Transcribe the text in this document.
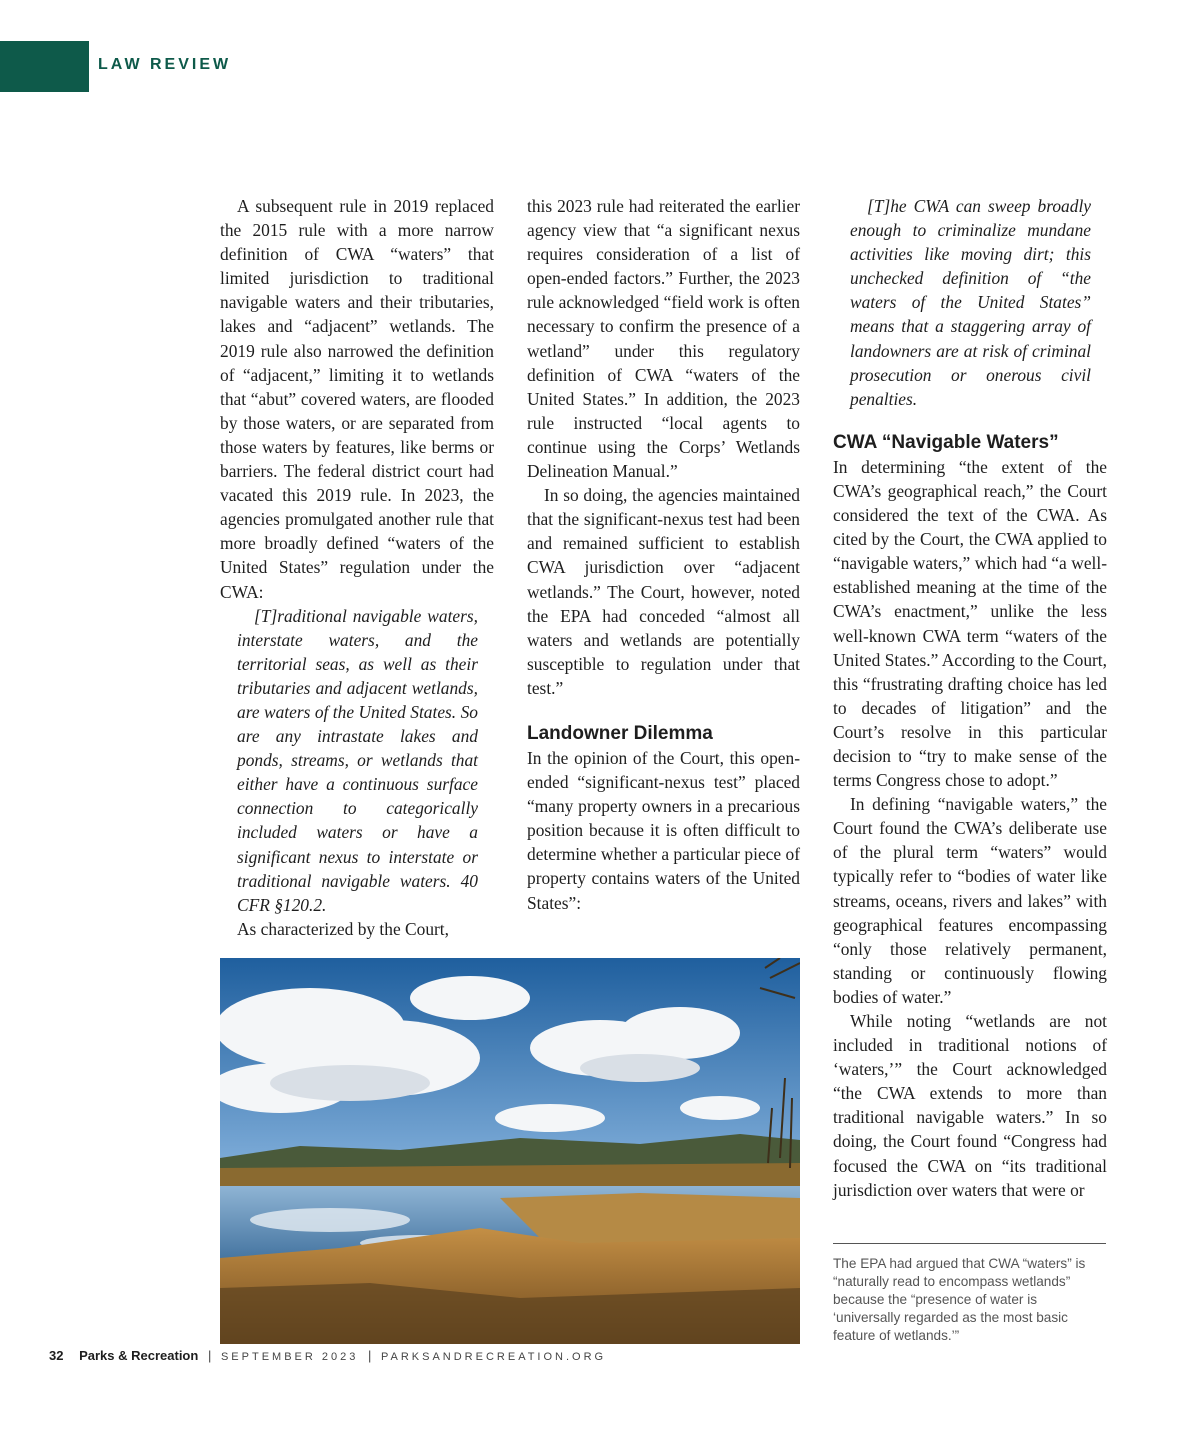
LAW REVIEW

A subsequent rule in 2019 replaced the 2015 rule with a more narrow definition of CWA “waters” that limited jurisdiction to traditional navigable waters and their tributaries, lakes and “adjacent” wetlands. The 2019 rule also narrowed the definition of “adjacent,” limiting it to wetlands that “abut” covered waters, are flooded by those waters, or are separated from those waters by features, like berms or barriers. The federal district court had vacated this 2019 rule. In 2023, the agencies promulgated another rule that more broadly defined “waters of the United States” regulation under the CWA:

[T]raditional navigable waters, interstate waters, and the territorial seas, as well as their tributaries and adjacent wetlands, are waters of the United States. So are any intrastate lakes and ponds, streams, or wetlands that either have a continuous surface connection to categorically included waters or have a significant nexus to interstate or traditional navigable waters. 40 CFR §120.2.

As characterized by the Court,

this 2023 rule had reiterated the earlier agency view that “a significant nexus requires consideration of a list of open-ended factors.” Further, the 2023 rule acknowledged “field work is often necessary to confirm the presence of a wetland” under this regulatory definition of CWA “waters of the United States.” In addition, the 2023 rule instructed “local agents to continue using the Corps’ Wetlands Delineation Manual.”

In so doing, the agencies maintained that the significant-nexus test had been and remained sufficient to establish CWA jurisdiction over “adjacent wetlands.” The Court, however, noted the EPA had conceded “almost all waters and wetlands are potentially susceptible to regulation under that test.”

Landowner Dilemma

In the opinion of the Court, this open-ended “significant-nexus test” placed “many property owners in a precarious position because it is often difficult to determine whether a particular piece of property contains waters of the United States”:

[T]he CWA can sweep broadly enough to criminalize mundane activities like moving dirt; this unchecked definition of “the waters of the United States” means that a staggering array of landowners are at risk of criminal prosecution or onerous civil penalties.

CWA “Navigable Waters”

In determining “the extent of the CWA’s geographical reach,” the Court considered the text of the CWA. As cited by the Court, the CWA applied to “navigable waters,” which had “a well-established meaning at the time of the CWA’s enactment,” unlike the less well-known CWA term “waters of the United States.” According to the Court, this “frustrating drafting choice has led to decades of litigation” and the Court’s resolve in this particular decision to “try to make sense of the terms Congress chose to adopt.”

In defining “navigable waters,” the Court found the CWA’s deliberate use of the plural term “waters” would typically refer to “bodies of water like streams, oceans, rivers and lakes” with geographical features encompassing “only those relatively permanent, standing or continuously flowing bodies of water.”

While noting “wetlands are not included in traditional notions of ‘waters,’” the Court acknowledged “the CWA extends to more than traditional navigable waters.” In so doing, the Court found “Congress had focused the CWA on “its traditional jurisdiction over waters that were or

The EPA had argued that CWA “waters” is “naturally read to encompass wetlands” because the “presence of water is ‘universally regarded as the most basic feature of wetlands.’”
32 Parks & Recreation | SEPTEMBER 2023 | PARKSANDRECREATION.ORG
